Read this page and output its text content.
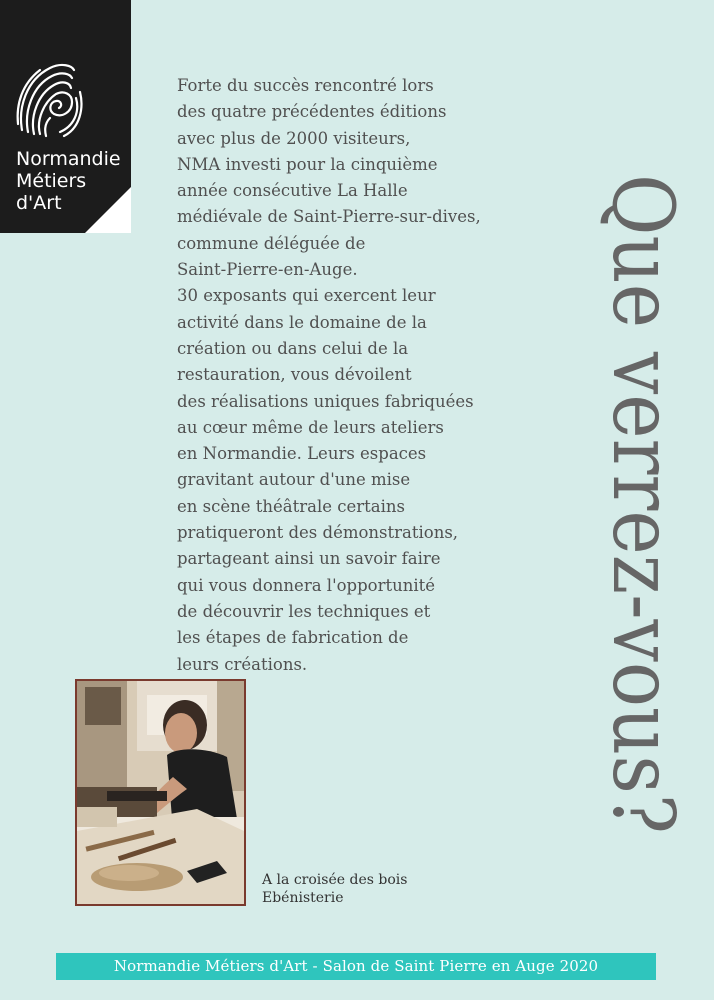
Normandie
Métiers
d'Art
Forte du succès rencontré lors
des quatre précédentes éditions
avec plus de 2000 visiteurs,
NMA investi pour la cinquième
année consécutive La Halle
médiévale de Saint-Pierre-sur-dives,
commune déléguée de
Saint-Pierre-en-Auge.
30 exposants qui exercent leur
activité dans le domaine de la
création ou dans celui de la
restauration, vous dévoilent
des réalisations uniques fabriquées
au cœur même de leurs ateliers
en Normandie. Leurs espaces
gravitant autour d'une mise
en scène théâtrale certains
pratiqueront des démonstrations,
partageant ainsi un savoir faire
qui vous donnera l'opportunité
de découvrir les techniques et
les étapes de fabrication de
leurs créations.	Que verrez-vous?
A la croisée des bois
Ebénisterie
Normandie Métiers d'Art - Salon de Saint Pierre en Auge 2020
